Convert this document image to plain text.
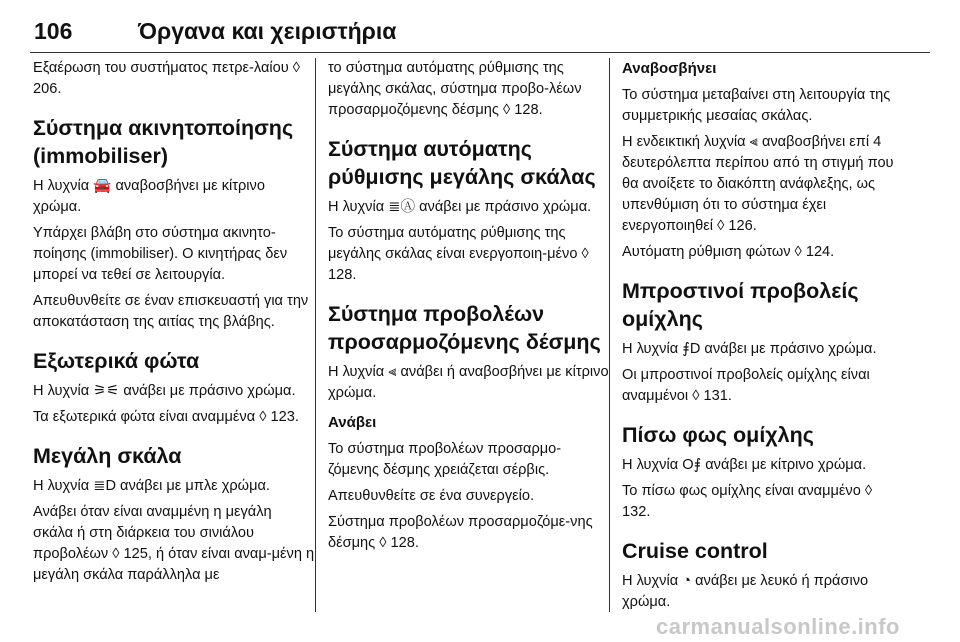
106	Όργανα και χειριστήρια

Εξαέρωση του συστήματος πετρε-λαίου ◊ 206.

Σύστημα ακινητοποίησης (immobiliser)

Η λυχνία 🚘 αναβοσβήνει με κίτρινο χρώμα.

Υπάρχει βλάβη στο σύστημα ακινητο-ποίησης (immobiliser). Ο κινητήρας δεν μπορεί να τεθεί σε λειτουργία.

Απευθυνθείτε σε έναν επισκευαστή για την αποκατάσταση της αιτίας της βλάβης.

Εξωτερικά φώτα

Η λυχνία ⚞⚟ ανάβει με πράσινο χρώμα.

Τα εξωτερικά φώτα είναι αναμμένα ◊ 123.

Μεγάλη σκάλα

Η λυχνία ≣D ανάβει με μπλε χρώμα.

Ανάβει όταν είναι αναμμένη η μεγάλη σκάλα ή στη διάρκεια του σινιάλου προβολέων ◊ 125, ή όταν είναι αναμ-μένη η μεγάλη σκάλα παράλληλα με

το σύστημα αυτόματης ρύθμισης της μεγάλης σκάλας, σύστημα προβο-λέων προσαρμοζόμενης δέσμης ◊ 128.

Σύστημα αυτόματης ρύθμισης μεγάλης σκάλας

Η λυχνία ≣Ⓐ ανάβει με πράσινο χρώμα.

Το σύστημα αυτόματης ρύθμισης της μεγάλης σκάλας είναι ενεργοποιη-μένο ◊ 128.

Σύστημα προβολέων προσαρμοζόμενης δέσμης

Η λυχνία ⫷ ανάβει ή αναβοσβήνει με κίτρινο χρώμα.

Ανάβει

Το σύστημα προβολέων προσαρμο-ζόμενης δέσμης χρειάζεται σέρβις.

Απευθυνθείτε σε ένα συνεργείο.

Σύστημα προβολέων προσαρμοζόμε-νης δέσμης ◊ 128.

Αναβοσβήνει

Το σύστημα μεταβαίνει στη λειτουργία της συμμετρικής μεσαίας σκάλας.

Η ενδεικτική λυχνία ⫷ αναβοσβήνει επί 4 δευτερόλεπτα περίπου από τη στιγμή που θα ανοίξετε το διακόπτη ανάφλεξης, ως υπενθύμιση ότι το σύστημα έχει ενεργοποιηθεί ◊ 126.

Αυτόματη ρύθμιση φώτων ◊ 124.

Μπροστινοί προβολείς ομίχλης

Η λυχνία ⨎D ανάβει με πράσινο χρώμα.

Οι μπροστινοί προβολείς ομίχλης είναι αναμμένοι ◊ 131.

Πίσω φως ομίχλης

Η λυχνία O⨎ ανάβει με κίτρινο χρώμα.

Το πίσω φως ομίχλης είναι αναμμένο ◊ 132.

Cruise control

Η λυχνία ◔ ανάβει με λευκό ή πράσινο χρώμα.

carmanualsonline.info
